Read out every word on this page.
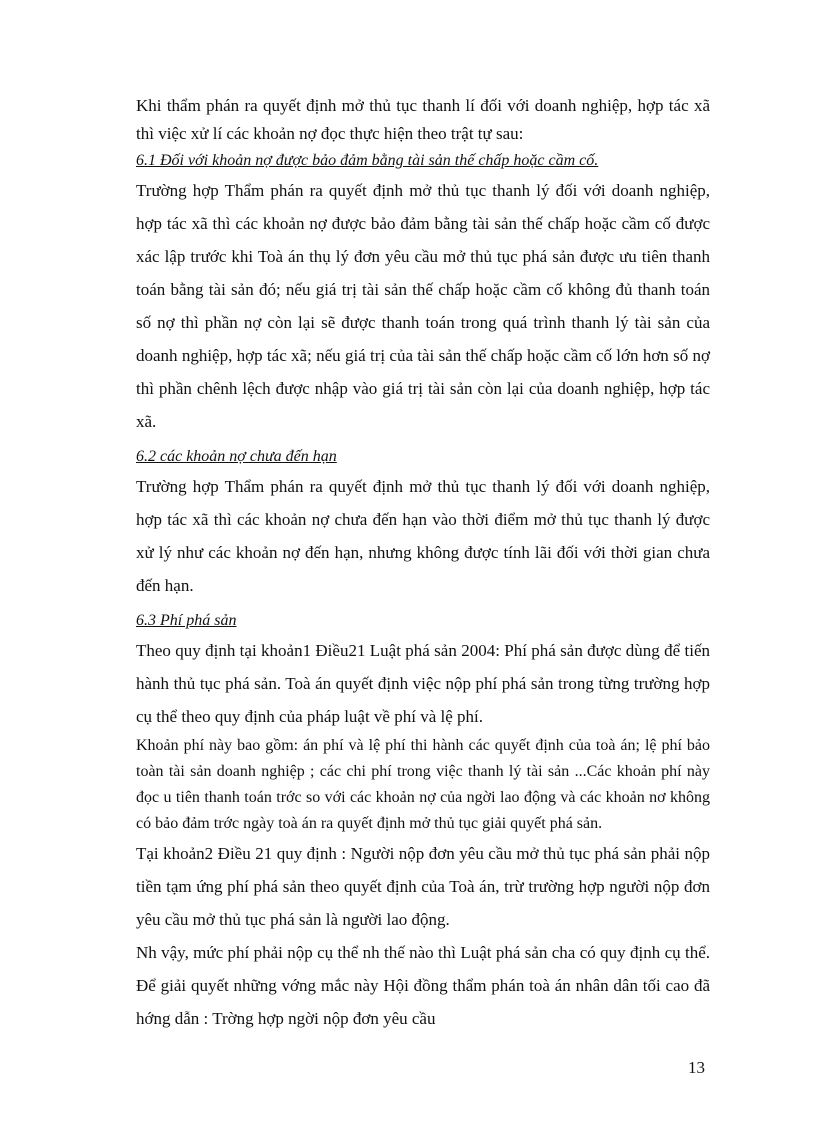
Khi thẩm phán ra quyết định mở thủ tục thanh lí đối với doanh nghiệp, hợp tác xã thì việc xử lí các khoản nợ đọc thực hiện theo trật tự sau:

6.1 Đối với khoản nợ được bảo đảm bằng tài sản thế chấp hoặc cầm cố.

Trường hợp Thẩm phán ra quyết định mở thủ tục thanh lý đối với doanh nghiệp, hợp tác xã thì các khoản nợ được bảo đảm bằng tài sản thế chấp hoặc cầm cố được xác lập trước khi Toà án thụ lý đơn yêu cầu mở thủ tục phá sản được ưu tiên thanh toán bằng tài sản đó; nếu giá trị tài sản thế chấp hoặc cầm cố không đủ thanh toán số nợ thì phần nợ còn lại sẽ được thanh toán trong quá trình thanh lý tài sản của doanh nghiệp, hợp tác xã; nếu giá trị của tài sản thế chấp hoặc cầm cố lớn hơn số nợ thì phần chênh lệch được nhập vào giá trị tài sản còn lại của doanh nghiệp, hợp tác xã.

6.2 các khoản nợ chưa đến hạn

Trường hợp Thẩm phán ra quyết định mở thủ tục thanh lý đối với doanh nghiệp, hợp tác xã thì các khoản nợ chưa đến hạn vào thời điểm mở thủ tục thanh lý được xử lý như các khoản nợ đến hạn, nhưng không được tính lãi đối với thời gian chưa đến hạn.

6.3 Phí phá sản

Theo quy định tại khoản1 Điều21 Luật phá sản 2004: Phí phá sản được dùng để tiến hành thủ tục phá sản. Toà án quyết định việc nộp phí phá sản trong từng trường hợp cụ thể theo quy định của pháp luật về phí và lệ phí.

Khoản phí này bao gồm: án phí và lệ phí thi hành các quyết định của toà án; lệ phí bảo toàn tài sản doanh nghiệp ; các chi phí trong việc thanh lý tài sản ...Các khoản phí này đọc u tiên thanh toán trớc so với các khoản nợ của ngời lao động và các khoản nơ không có bảo đảm trớc ngày toà án ra quyết định mở thủ tục giải quyết phá sản.

Tại khoản2 Điều 21 quy định : Người nộp đơn yêu cầu mở thủ tục phá sản phải nộp tiền tạm ứng phí phá sản theo quyết định của Toà án, trừ trường hợp người nộp đơn yêu cầu mở thủ tục phá sản là người lao động.

Nh vậy, mức phí phải nộp cụ thể nh thế nào thì Luật phá sản cha có quy định cụ thể. Để giải quyết những vớng mắc này Hội đồng thẩm phán toà án nhân dân tối cao đã hớng dẫn : Trờng hợp ngời nộp đơn yêu cầu

13
